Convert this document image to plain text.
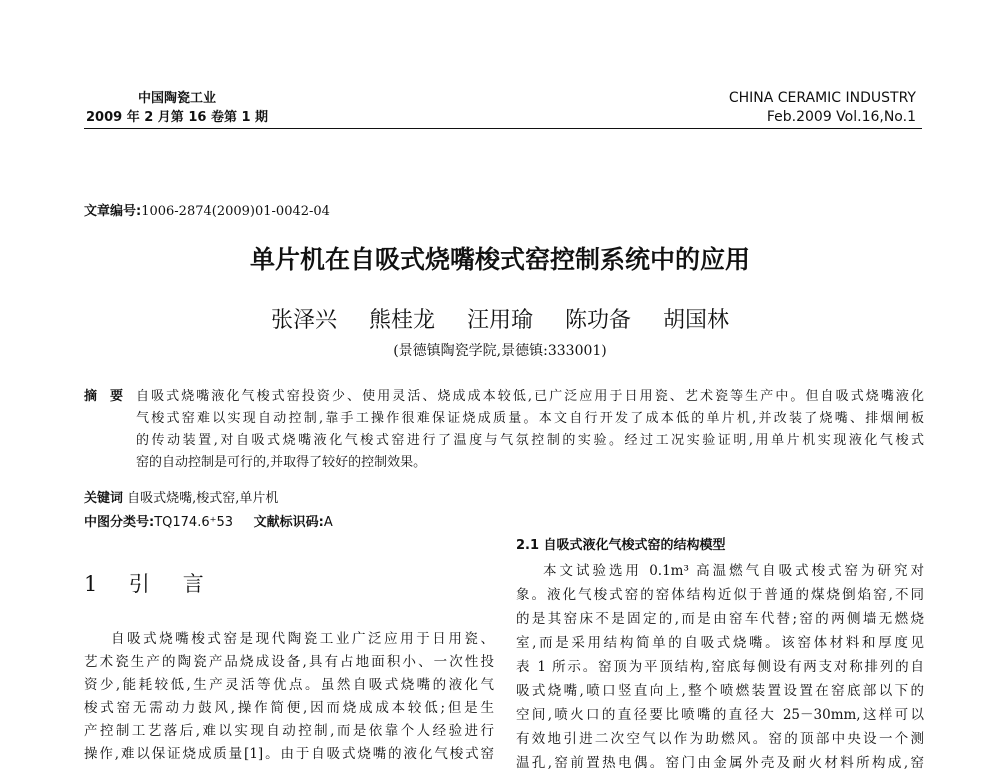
中国陶瓷工业
2009 年 2 月第 16 卷第 1 期
CHINA CERAMIC INDUSTRY
Feb.2009 Vol.16,No.1
文章编号:1006-2874(2009)01-0042-04
单片机在自吸式烧嘴梭式窑控制系统中的应用
张泽兴 熊桂龙 汪用瑜 陈功备 胡国林
(景德镇陶瓷学院,景德镇:333001)
摘　要 自吸式烧嘴液化气梭式窑投资少、使用灵活、烧成成本较低,已广泛应用于日用瓷、艺术瓷等生产中。但自吸式烧嘴液化

气梭式窑难以实现自动控制,靠手工操作很难保证烧成质量。本文自行开发了成本低的单片机,并改装了烧嘴、排烟闸板

的传动装置,对自吸式烧嘴液化气梭式窑进行了温度与气氛控制的实验。经过工况实验证明,用单片机实现液化气梭式

窑的自动控制是可行的,并取得了较好的控制效果。

关键词 自吸式烧嘴,梭式窑,单片机
中图分类号:TQ174.6⁺53 文献标识码:A
1 引　言

自吸式烧嘴梭式窑是现代陶瓷工业广泛应用于日用瓷、

艺术瓷生产的陶瓷产品烧成设备,具有占地面积小、一次性投

资少,能耗较低,生产灵活等优点。虽然自吸式烧嘴的液化气

梭式窑无需动力鼓风,操作简便,因而烧成成本较低;但是生

产控制工艺落后,难以实现自动控制,而是依靠个人经验进行

操作,难以保证烧成质量[1]。由于自吸式烧嘴的液化气梭式窑

2.1 自吸式液化气梭式窑的结构模型

本文试验选用 0.1m³ 高温燃气自吸式梭式窑为研究对

象。液化气梭式窑的窑体结构近似于普通的煤烧倒焰窑,不同

的是其窑床不是固定的,而是由窑车代替;窑的两侧墙无燃烧

室,而是采用结构简单的自吸式烧嘴。该窑体材料和厚度见

表 1 所示。窑顶为平顶结构,窑底每侧设有两支对称排列的自

吸式烧嘴,喷口竖直向上,整个喷燃装置设置在窑底部以下的

空间,喷火口的直径要比喷嘴的直径大 25－30mm,这样可以

有效地引进二次空气以作为助燃风。窑的顶部中央设一个测

温孔,窑前置热电偶。窑门由金属外壳及耐火材料所构成,窑
